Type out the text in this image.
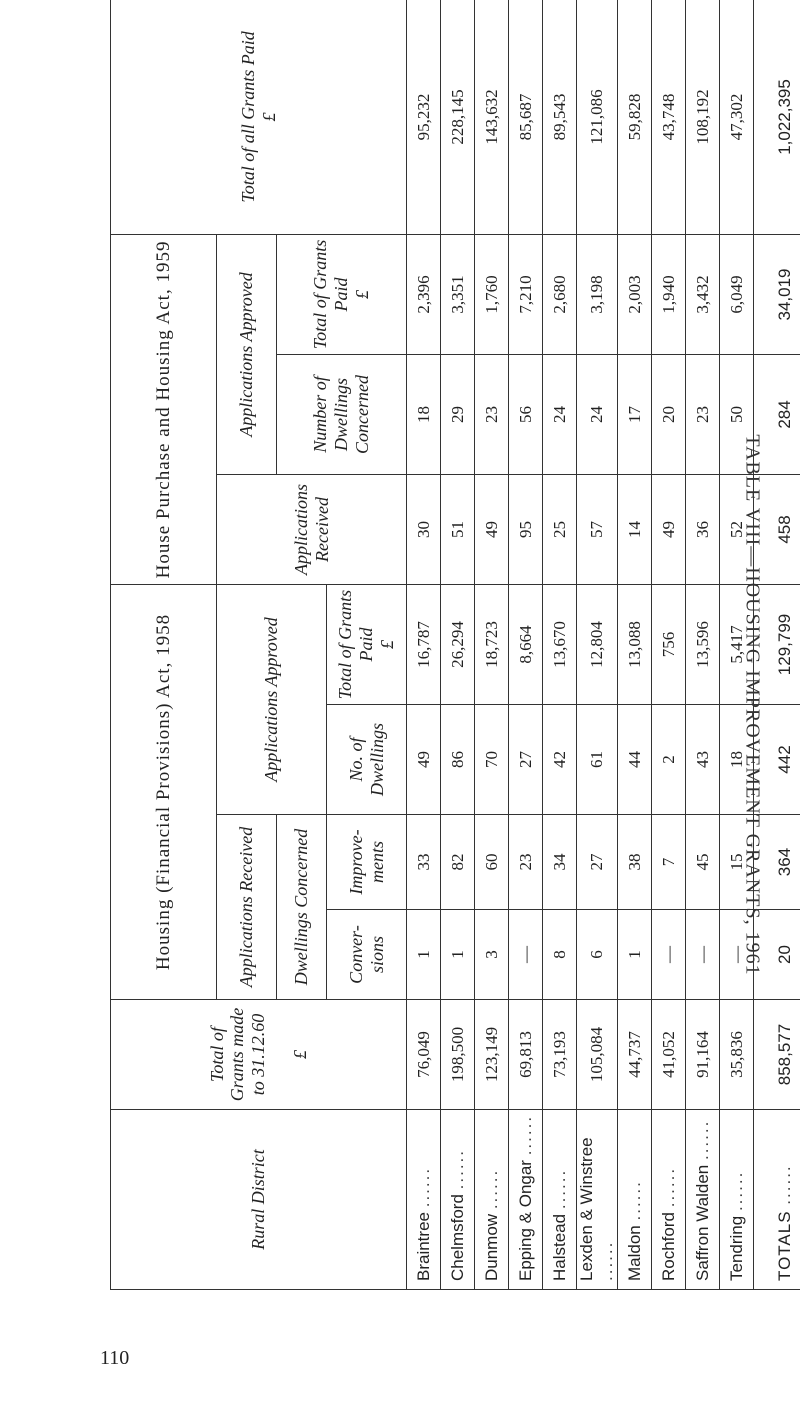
TABLE VIII—HOUSING IMPROVEMENT GRANTS, 1961
Rural District	Total of Grants made to 31.12.60 £	Housing (Financial Provisions) Act, 1958				House Purchase and Housing Act, 1959			Total of all Grants Paid
£
		Applications Received		Applications Approved		Applications Received	Applications Approved		
		Dwellings Concerned					Number of Dwellings Concerned	Total of Grants Paid
£	
		Conver- sions	Improve- ments	No. of Dwellings	Total of Grants Paid
£				
Braintree ......	76,049	1	33	49	16,787	30	18	2,396	95,232
Chelmsford ......	198,500	1	82	86	26,294	51	29	3,351	228,145
Dunmow ......	123,149	3	60	70	18,723	49	23	1,760	143,632
Epping & Ongar ......	69,813	—	23	27	8,664	95	56	7,210	85,687
Halstead ......	73,193	8	34	42	13,670	25	24	2,680	89,543
Lexden & Winstree ......	105,084	6	27	61	12,804	57	24	3,198	121,086
Maldon ......	44,737	1	38	44	13,088	14	17	2,003	59,828
Rochford ......	41,052	—	7	2	756	49	20	1,940	43,748
Saffron Walden ......	91,164	—	45	43	13,596	36	23	3,432	108,192
Tendring ......	35,836	—	15	18	5,417	52	50	6,049	47,302
TOTALS ......	858,577	20	364	442	129,799	458	284	34,019	1,022,395
110
